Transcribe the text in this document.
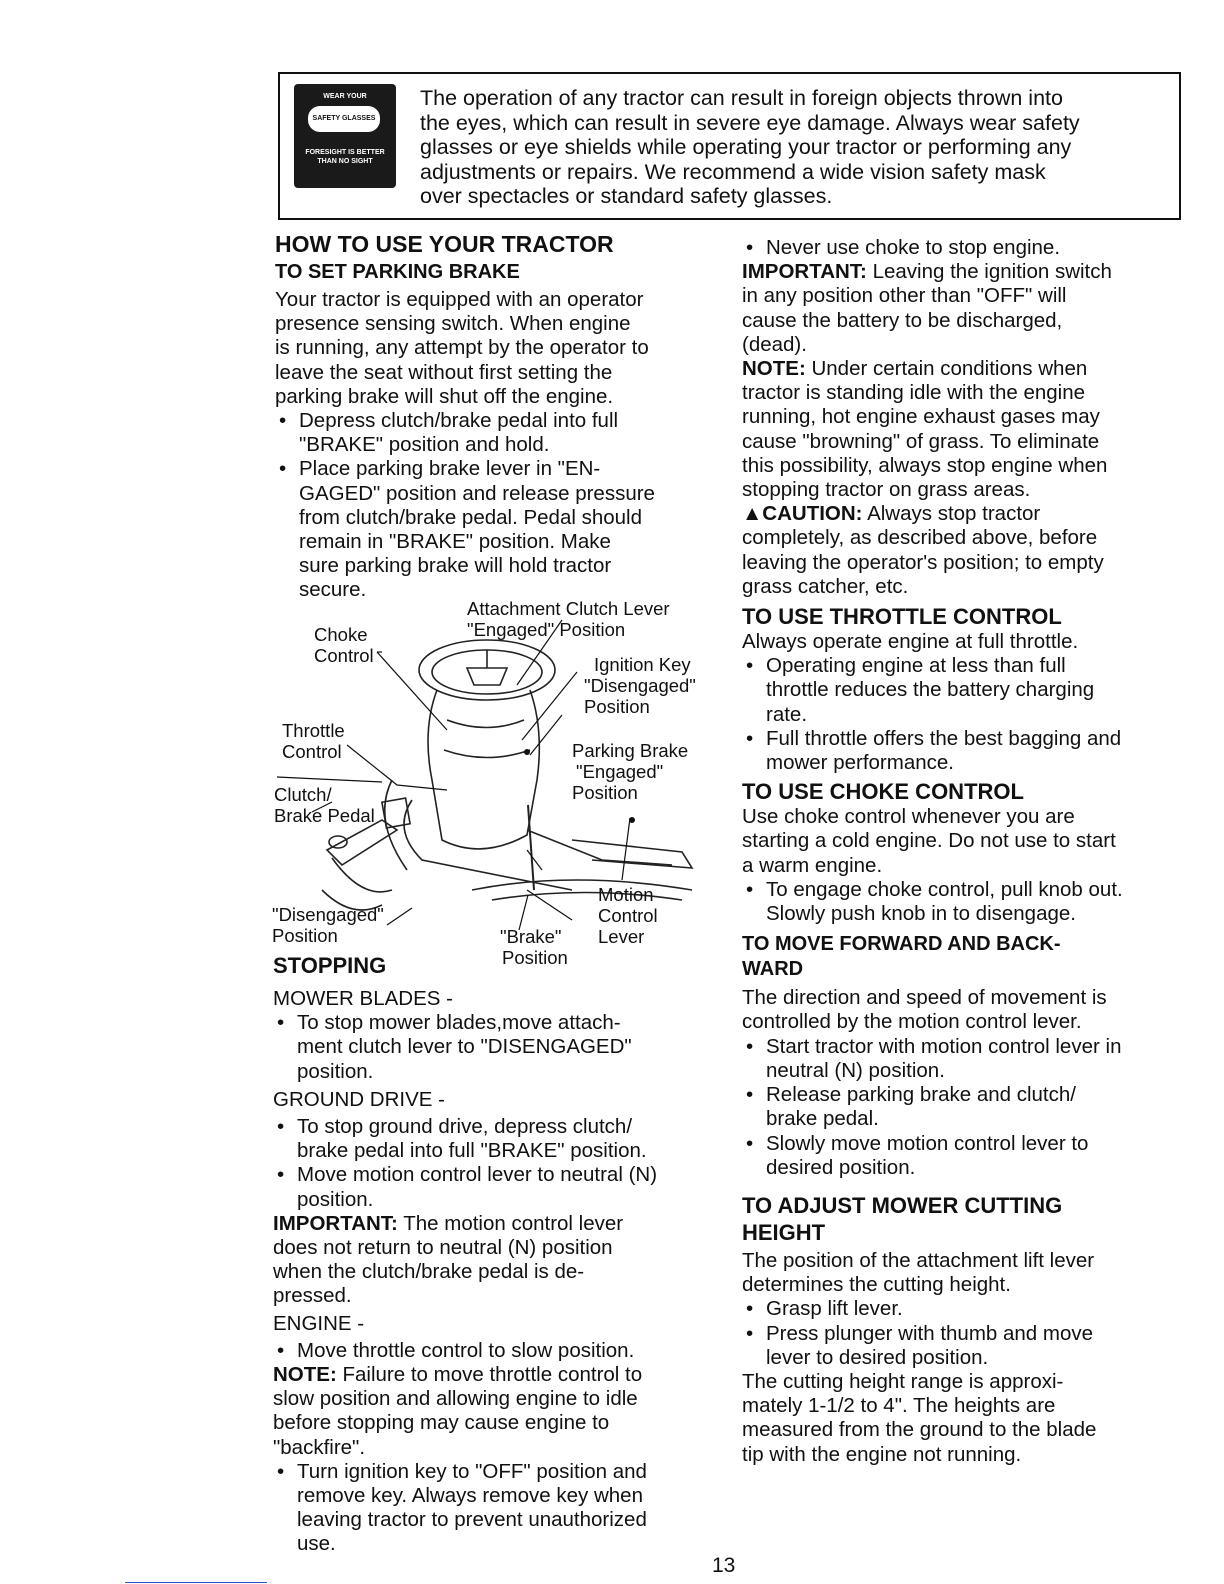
WEAR YOUR
SAFETY GLASSES
FORESIGHT IS BETTER THAN NO SIGHT
The operation of any tractor can result in foreign objects thrown into
the eyes, which can result in severe eye damage. Always wear safety
glasses or eye shields while operating your tractor or performing any
adjustments or repairs. We recommend a wide vision safety mask
over spectacles or standard safety glasses.

HOW TO USE YOUR TRACTOR

TO SET PARKING BRAKE

Your tractor is equipped with an operator

presence sensing switch. When engine

is running, any attempt by the operator to

leave the seat without first setting the

parking brake will shut off the engine.

• Depress clutch/brake pedal into full

"BRAKE" position and hold.

• Place parking brake lever in "EN-

GAGED" position and release pressure

from clutch/brake pedal. Pedal should

remain in "BRAKE" position. Make

sure parking brake will hold tractor

secure.

Attachment Clutch Lever
"Engaged" Position
Choke
Control	Ignition Key
"Disengaged"
Position
Throttle
Control	Parking Brake
"Engaged"
Position
Clutch/
Brake Pedal
Motion
Control
Lever
"Disengaged"
Position	"Brake"
Position

STOPPING

MOWER BLADES -

• To stop mower blades,move attach-

ment clutch lever to "DISENGAGED"

position.

GROUND DRIVE -

• To stop ground drive, depress clutch/

brake pedal into full "BRAKE" position.

• Move motion control lever to neutral (N)

position.

IMPORTANT: The motion control lever

does not return to neutral (N) position

when the clutch/brake pedal is de-

pressed.

ENGINE -

• Move throttle control to slow position.

NOTE: Failure to move throttle control to

slow position and allowing engine to idle

before stopping may cause engine to

"backfire".

• Turn ignition key to "OFF" position and

remove key. Always remove key when

leaving tractor to prevent unauthorized

use.

• Never use choke to stop engine.

IMPORTANT: Leaving the ignition switch

in any position other than "OFF" will

cause the battery to be discharged,

(dead).

NOTE: Under certain conditions when

tractor is standing idle with the engine

running, hot engine exhaust gases may

cause "browning" of grass. To eliminate

this possibility, always stop engine when

stopping tractor on grass areas.

▲CAUTION: Always stop tractor

completely, as described above, before

leaving the operator's position; to empty

grass catcher, etc.

TO USE THROTTLE CONTROL

Always operate engine at full throttle.

• Operating engine at less than full

throttle reduces the battery charging

rate.

• Full throttle offers the best bagging and

mower performance.

TO USE CHOKE CONTROL

Use choke control whenever you are

starting a cold engine. Do not use to start

a warm engine.

• To engage choke control, pull knob out.

Slowly push knob in to disengage.

TO MOVE FORWARD AND BACK-

WARD

The direction and speed of movement is

controlled by the motion control lever.

• Start tractor with motion control lever in

neutral (N) position.

• Release parking brake and clutch/

brake pedal.

• Slowly move motion control lever to

desired position.

TO ADJUST MOWER CUTTING

HEIGHT

The position of the attachment lift lever

determines the cutting height.

• Grasp lift lever.

• Press plunger with thumb and move

lever to desired position.

The cutting height range is approxi-

mately 1-1/2 to 4". The heights are

measured from the ground to the blade

tip with the engine not running.

13
